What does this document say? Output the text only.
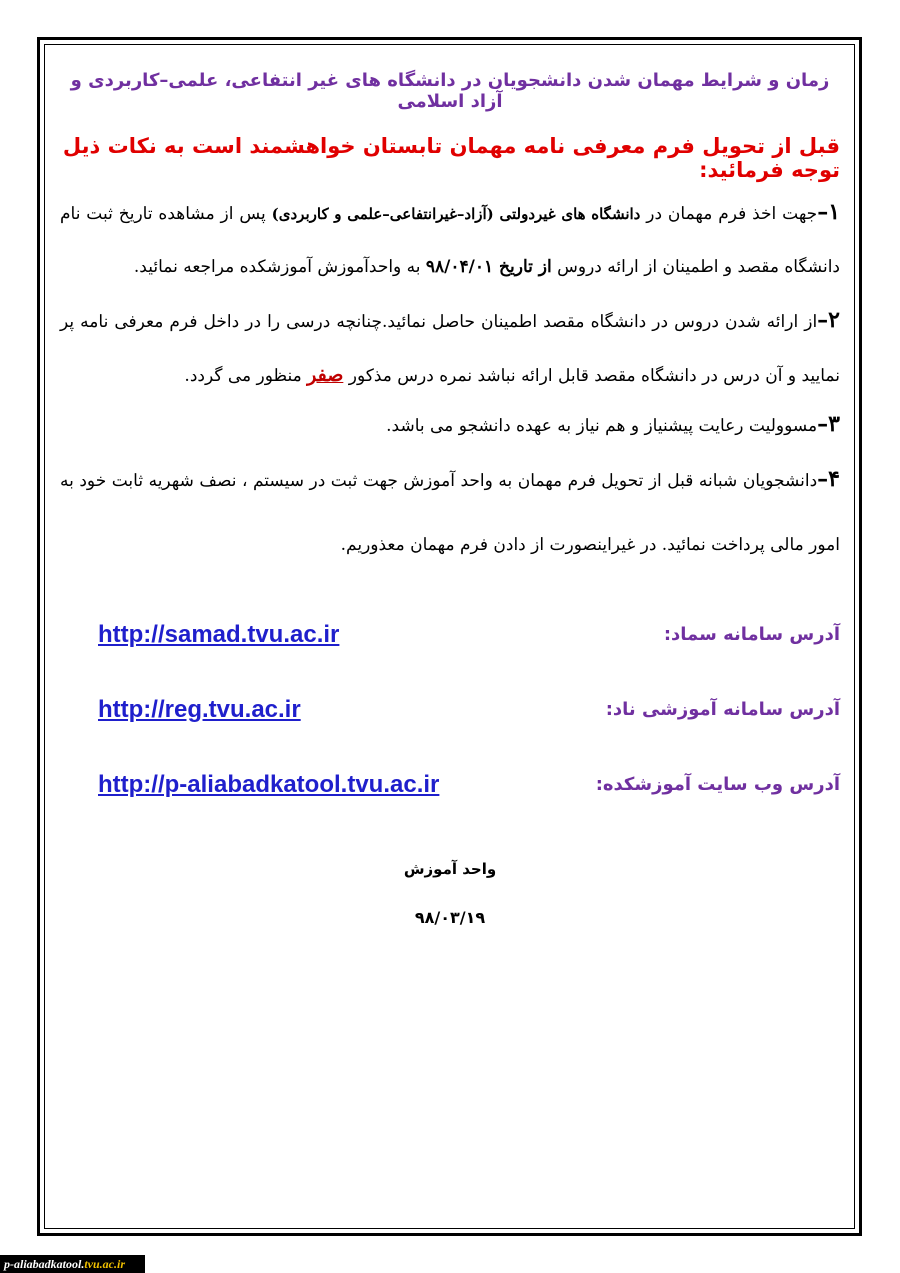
زمان و شرایط مهمان شدن دانشجویان در دانشگاه های غیر انتفاعی، علمی–کاربردی و آزاد اسلامی
قبل از تحویل فرم معرفی نامه مهمان تابستان خواهشمند است به نکات ذیل توجه فرمائید:
۱–جهت اخذ فرم مهمان در دانشگاه های غیردولتی (آزاد–غیرانتفاعی–علمی و کاربردی) پس از مشاهده تاریخ ثبت نام دانشگاه مقصد و اطمینان از ارائه دروس از تاریخ ۹۸/۰۴/۰۱ به واحدآموزش آموزشکده مراجعه نمائید.
۲–از ارائه شدن دروس در دانشگاه مقصد اطمینان حاصل نمائید.چنانچه درسی را در داخل فرم معرفی نامه پر نمایید و آن درس در دانشگاه مقصد قابل ارائه نباشد نمره درس مذکور صفر منظور می گردد.
۳–مسوولیت رعایت پیشنیاز و هم نیاز به عهده دانشجو می باشد.
۴–دانشجویان شبانه قبل از تحویل فرم مهمان به واحد آموزش جهت ثبت در سیستم ، نصف شهریه ثابت خود به امور مالی پرداخت نمائید. در غیراینصورت از دادن فرم مهمان معذوریم.
آدرس سامانه سماد:
http://samad.tvu.ac.ir
آدرس سامانه آموزشی ناد:
http://reg.tvu.ac.ir
آدرس وب سایت آموزشکده:
http://p-aliabadkatool.tvu.ac.ir
واحد آموزش
۹۸/۰۳/۱۹
p-aliabadkatool.tvu.ac.ir
